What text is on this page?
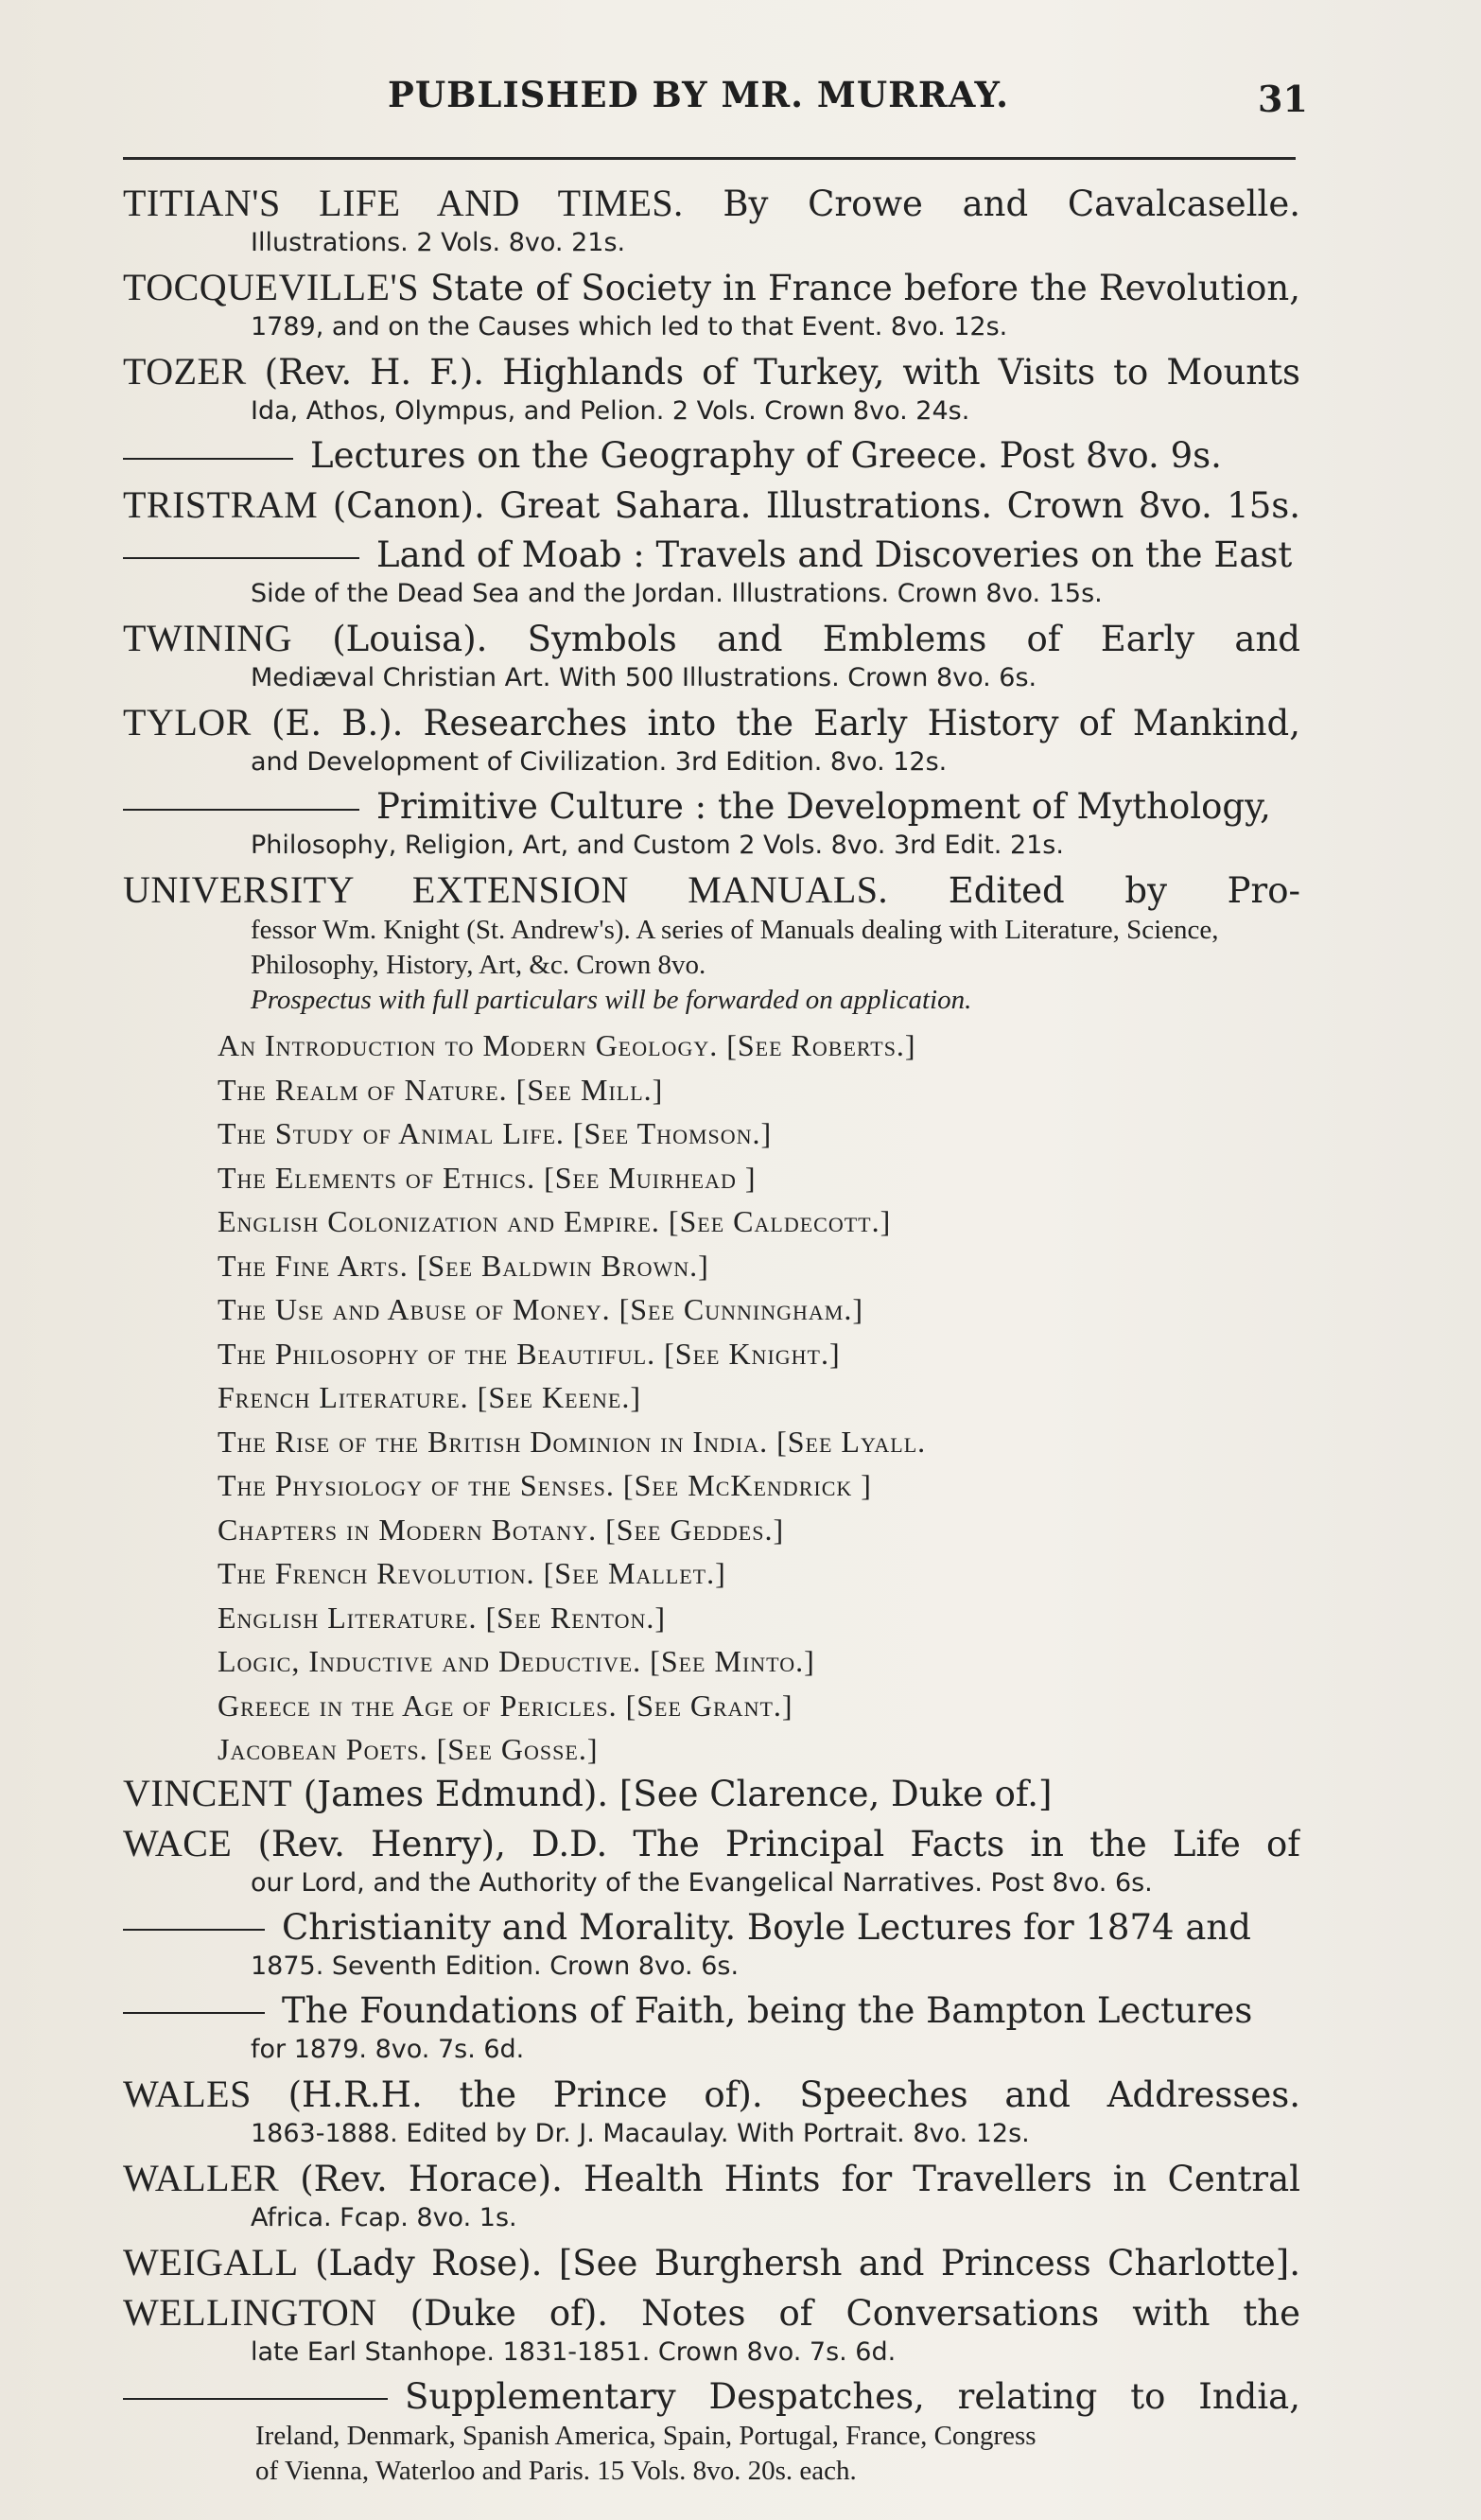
PUBLISHED BY MR. MURRAY.	31
TITIAN'S LIFE AND TIMES. By Crowe and Cavalcaselle.
Illustrations. 2 Vols. 8vo. 21s.
TOCQUEVILLE'S State of Society in France before the Revolution,
1789, and on the Causes which led to that Event. 8vo. 12s.
TOZER (Rev. H. F.). Highlands of Turkey, with Visits to Mounts
Ida, Athos, Olympus, and Pelion. 2 Vols. Crown 8vo. 24s.
Lectures on the Geography of Greece. Post 8vo. 9s.
TRISTRAM (Canon). Great Sahara. Illustrations. Crown 8vo. 15s.
Land of Moab : Travels and Discoveries on the East
Side of the Dead Sea and the Jordan. Illustrations. Crown 8vo. 15s.
TWINING (Louisa). Symbols and Emblems of Early and
Mediæval Christian Art. With 500 Illustrations. Crown 8vo. 6s.
TYLOR (E. B.). Researches into the Early History of Mankind,
and Development of Civilization. 3rd Edition. 8vo. 12s.
Primitive Culture : the Development of Mythology,
Philosophy, Religion, Art, and Custom 2 Vols. 8vo. 3rd Edit. 21s.
UNIVERSITY EXTENSION MANUALS. Edited by Pro-
fessor Wm. Knight (St. Andrew's). A series of Manuals dealing with Literature, Science, Philosophy, History, Art, &c. Crown 8vo.
Prospectus with full particulars will be forwarded on application.
An Introduction to Modern Geology. [See Roberts.]
The Realm of Nature. [See Mill.]
The Study of Animal Life. [See Thomson.]
The Elements of Ethics. [See Muirhead ]
English Colonization and Empire. [See Caldecott.]
The Fine Arts. [See Baldwin Brown.]
The Use and Abuse of Money. [See Cunningham.]
The Philosophy of the Beautiful. [See Knight.]
French Literature. [See Keene.]
The Rise of the British Dominion in India. [See Lyall.
The Physiology of the Senses. [See McKendrick ]
Chapters in Modern Botany. [See Geddes.]
The French Revolution. [See Mallet.]
English Literature. [See Renton.]
Logic, Inductive and Deductive. [See Minto.]
Greece in the Age of Pericles. [See Grant.]
Jacobean Poets. [See Gosse.]
VINCENT (James Edmund). [See Clarence, Duke of.]
WACE (Rev. Henry), D.D. The Principal Facts in the Life of
our Lord, and the Authority of the Evangelical Narratives. Post 8vo. 6s.
Christianity and Morality. Boyle Lectures for 1874 and
1875. Seventh Edition. Crown 8vo. 6s.
The Foundations of Faith, being the Bampton Lectures
for 1879. 8vo. 7s. 6d.
WALES (H.R.H. the Prince of). Speeches and Addresses.
1863-1888. Edited by Dr. J. Macaulay. With Portrait. 8vo. 12s.
WALLER (Rev. Horace). Health Hints for Travellers in Central
Africa. Fcap. 8vo. 1s.
WEIGALL (Lady Rose). [See Burghersh and Princess Charlotte].
WELLINGTON (Duke of). Notes of Conversations with the
late Earl Stanhope. 1831-1851. Crown 8vo. 7s. 6d.
Supplementary Despatches, relating to India,
Ireland, Denmark, Spanish America, Spain, Portugal, France, Congress
of Vienna, Waterloo and Paris. 15 Vols. 8vo. 20s. each.
